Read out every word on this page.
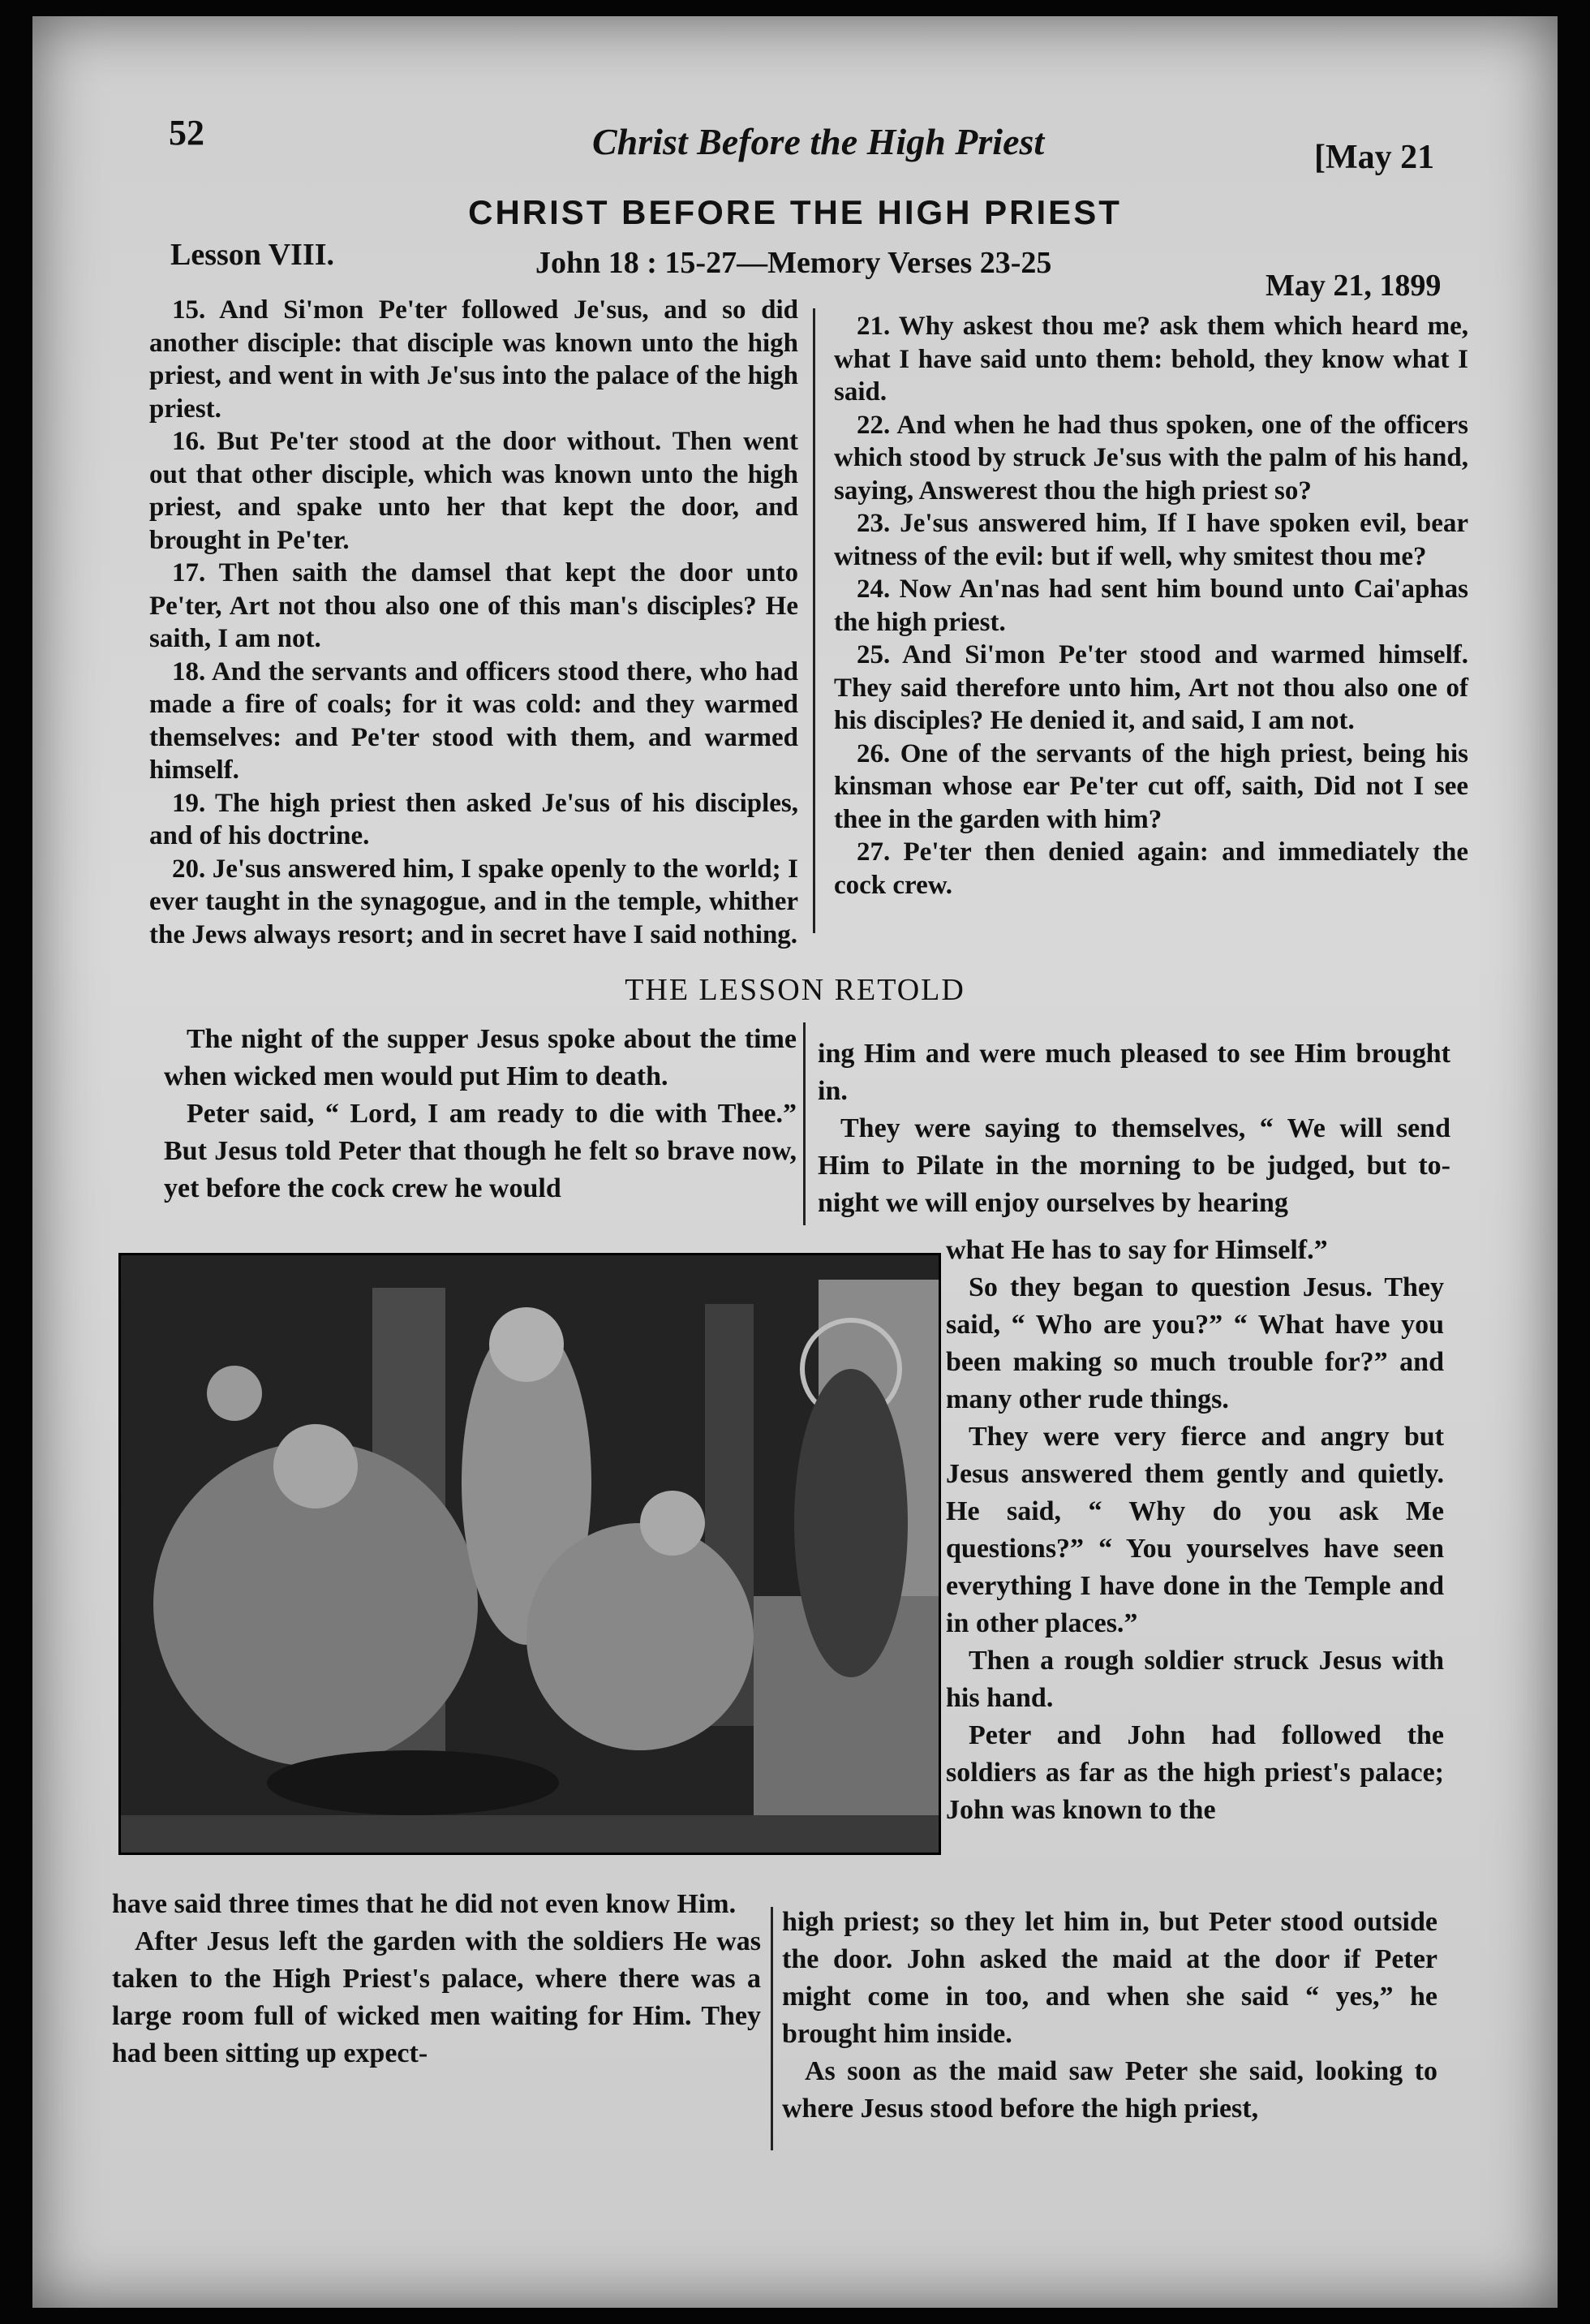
52	Christ Before the High Priest	[May 21
CHRIST BEFORE THE HIGH PRIEST
Lesson VIII.	John 18 : 15-27—Memory Verses 23-25
May 21, 1899

15. And Si'mon Pe'ter followed Je'sus, and so did another disciple: that disciple was known unto the high priest, and went in with Je'sus into the palace of the high priest.

16. But Pe'ter stood at the door without. Then went out that other disciple, which was known unto the high priest, and spake unto her that kept the door, and brought in Pe'ter.

17. Then saith the damsel that kept the door unto Pe'ter, Art not thou also one of this man's disciples? He saith, I am not.

18. And the servants and officers stood there, who had made a fire of coals; for it was cold: and they warmed themselves: and Pe'ter stood with them, and warmed himself.

19. The high priest then asked Je'sus of his disciples, and of his doctrine.

20. Je'sus answered him, I spake openly to the world; I ever taught in the synagogue, and in the temple, whither the Jews always resort; and in secret have I said nothing.

21. Why askest thou me? ask them which heard me, what I have said unto them: behold, they know what I said.

22. And when he had thus spoken, one of the officers which stood by struck Je'sus with the palm of his hand, saying, Answerest thou the high priest so?

23. Je'sus answered him, If I have spoken evil, bear witness of the evil: but if well, why smitest thou me?

24. Now An'nas had sent him bound unto Cai'aphas the high priest.

25. And Si'mon Pe'ter stood and warmed himself. They said therefore unto him, Art not thou also one of his disciples? He denied it, and said, I am not.

26. One of the servants of the high priest, being his kinsman whose ear Pe'ter cut off, saith, Did not I see thee in the garden with him?

27. Pe'ter then denied again: and immediately the cock crew.

THE LESSON RETOLD

The night of the supper Jesus spoke about the time when wicked men would put Him to death.

Peter said, “ Lord, I am ready to die with Thee.” But Jesus told Peter that though he felt so brave now, yet before the cock crew he would

ing Him and were much pleased to see Him brought in.

They were saying to themselves, “ We will send Him to Pilate in the morning to be judged, but to-night we will enjoy ourselves by hearing

what He has to say for Himself.”

So they began to question Jesus. They said, “ Who are you?” “ What have you been making so much trouble for?” and many other rude things.

They were very fierce and angry but Jesus answered them gently and quietly. He said, “ Why do you ask Me questions?” “ You yourselves have seen everything I have done in the Temple and in other places.”

Then a rough soldier struck Jesus with his hand.

Peter and John had followed the soldiers as far as the high priest's palace; John was known to the

have said three times that he did not even know Him.

After Jesus left the garden with the soldiers He was taken to the High Priest's palace, where there was a large room full of wicked men waiting for Him. They had been sitting up expect-

high priest; so they let him in, but Peter stood outside the door. John asked the maid at the door if Peter might come in too, and when she said “ yes,” he brought him inside.

As soon as the maid saw Peter she said, looking to where Jesus stood before the high priest,
